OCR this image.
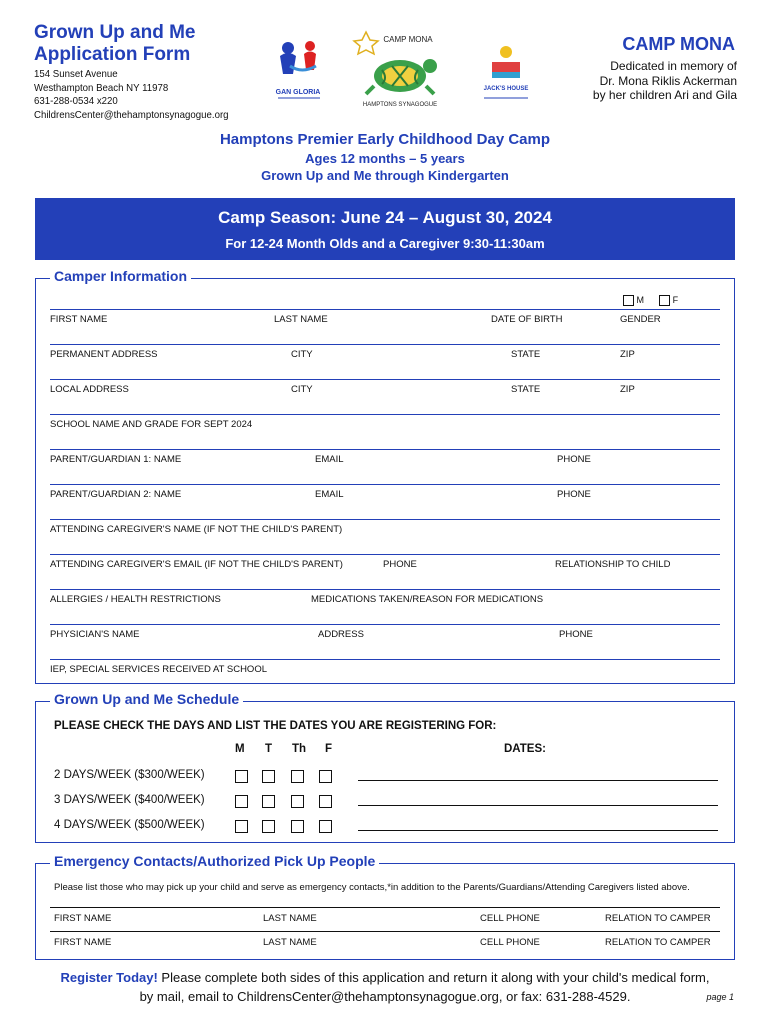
Grown Up and Me
Application Form
154 Sunset Avenue
Westhampton Beach NY 11978
631-288-0534 x220
ChildrensCenter@thehamptonsynagogue.org
GAN GLORIA
CAMP MONA
HAMPTONS SYNAGOGUE
JACK'S HOUSE
CAMP MONA
Dedicated in memory of
Dr. Mona Riklis Ackerman
by her children Ari and Gila
Hamptons Premier Early Childhood Day Camp
Ages 12 months – 5 years
Grown Up and Me through Kindergarten
Camp Season: June 24 – August 30, 2024
For 12-24 Month Olds and a Caregiver 9:30-11:30am
Camper Information
M	F
FIRST NAME	LAST NAME	DATE OF BIRTH	GENDER
PERMANENT ADDRESS	CITY	STATE	ZIP
LOCAL ADDRESS	CITY	STATE	ZIP
SCHOOL NAME AND GRADE FOR SEPT 2024
PARENT/GUARDIAN 1: NAME	EMAIL	PHONE
PARENT/GUARDIAN 2: NAME	EMAIL	PHONE
ATTENDING CAREGIVER'S NAME (IF NOT THE CHILD'S PARENT)
ATTENDING CAREGIVER'S EMAIL (IF NOT THE CHILD'S PARENT)	PHONE	RELATIONSHIP TO CHILD
ALLERGIES / HEALTH RESTRICTIONS	MEDICATIONS TAKEN/REASON FOR MEDICATIONS
PHYSICIAN'S NAME	ADDRESS	PHONE
IEP, SPECIAL SERVICES RECEIVED AT SCHOOL
Grown Up and Me Schedule
PLEASE CHECK THE DAYS AND LIST THE DATES YOU ARE REGISTERING FOR:
M T Th F	DATES:
2 DAYS/WEEK ($300/WEEK)
3 DAYS/WEEK ($400/WEEK)
4 DAYS/WEEK ($500/WEEK)
Emergency Contacts/Authorized Pick Up People
Please list those who may pick up your child and serve as emergency contacts,*in addition to the Parents/Guardians/Attending Caregivers listed above.
FIRST NAME	LAST NAME	CELL PHONE	RELATION TO CAMPER
FIRST NAME	LAST NAME	CELL PHONE	RELATION TO CAMPER
Register Today! Please complete both sides of this application and return it along with your child's medical form,
by mail, email to ChildrensCenter@thehamptonsynagogue.org, or fax: 631-288-4529.	page 1
